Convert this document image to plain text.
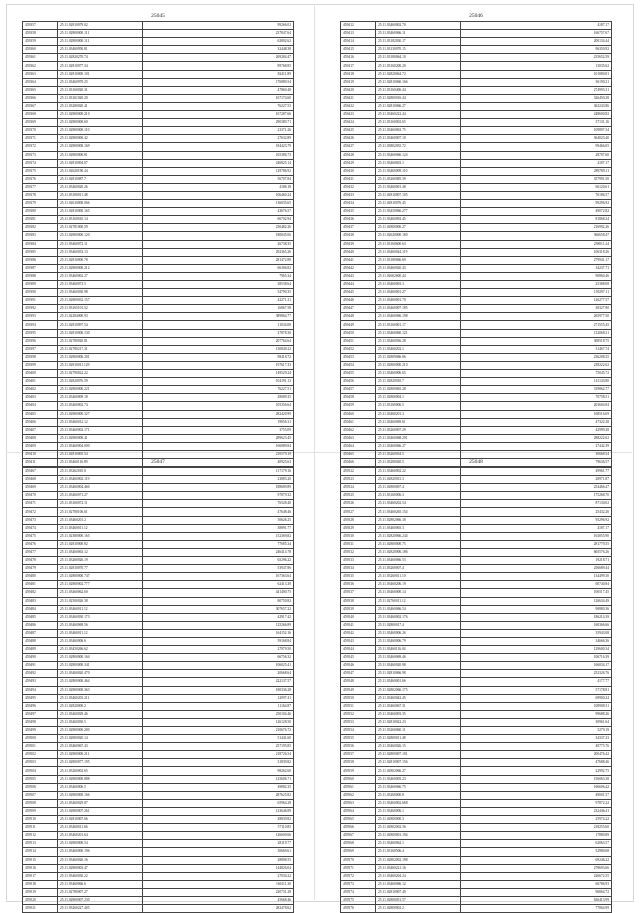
25045
459357	25.11.02810079.02	99266.02
459358	25.11.02800000.111	237847.64
459359	25.11.02800000.111	62802.62
459360	25.11.03460950.81	32448.38
459361	25.11.02820270.74	269284.47
459362	25.11.02810077.34	89768.85
459363	25.11.02810000.101	82411.89
459364	25.11.03460970.25	176880.54
459365	25.11.03160020.31	47860.40
459366	25.11.03161020.20	167174.60
459367	25.11.03280020.41	76227.53
459368	25.11.02800000.210	167287.66
459369	25.11.02800000.60	290380.71
459370	25.11.02800000.110	23371.26
459371	25.11.02800000.42	27632.89
459372	25.11.02800000.169	184423.79
459373	25.11.02800000.81	165386.73
459374	25.11.02810094.07	246825.14
459375	25.11.02620190.44	129786.92
459376	25.11.02810087.7	56707.84
459377	25.11.03460020.26	4186.18
459378	25.11.03180011.48	106460.24
459379	25.11.02610000.066	136035.65
459380	25.11.02810000.165	43676.57
459381	25.11.03160010.14	66702.94
459382	25.11.02781000.59	230482.26
459383	25.11.02800000.120	180845.06
459384	25.11.03460072.11	26738.35
459385	25.11.03460033.13	292365.26
459386	25.11.02810000.78	281472.88
459387	25.11.02800000.212	66306.82
459388	25.11.03460002.27	7965.34
459389	25.11.03460073.5	38538.64
459390	25.11.03460030.98	54790.35
459391	25.11.02800032.157	42271.21
459392	25.11.03165101.52	16867.58
459393	25.11.02284000.93	389864.77
459394	25.11.02810097.54	11034.08
459395	25.11.02810000.130	27878.30
459396	25.11.02780020.81	207764.64
459397	25.11.02780217.31	130849.22
459398	25.11.02800000.201	98418.72
459399	25.11.02810011.129	197617.33
459400	25.11.02790022.22	149529.24
459401	25.11.02820076.59	104191.13
459402	25.11.02800000.221	76227.51
459403	25.11.03460009.18	28089.35
459404	25.11.03460002.74	105356.64
459405	25.11.02800000.327	282420.99
459406	25.11.03460012.12	19056.31
459407	25.11.03460002.171	3755.09
459408	25.11.02800000.41	289623.45
459409	25.11.03460004.000	166989.84
459410	25.11.02810005.54	210579.19
459411	25.11.03460116.89	40925.63
25046
459412	25.11.03460002.70	4187.17
459413	25.11.03460066.11	166757.67
459414	25.11.03182030.17	200134.44
459415	25.11.03130070.15	96350.92
459416	25.11.03180064.10	235652.59
459417	25.11.03160200.20	13035.62
459418	25.11.02820064.72	101080.81
459419	25.11.02810066.166	36190.21
459420	25.11.03160406.44	274993.31
459421	25.11.02800016.44	326450.28
459422	25.11.02810066.27	363243.86
459423	25.11.03460222.44	248600.82
459424	25.11.03160002.65	37131.16
459425	25.11.03460063.75	109897.34
459426	25.11.03460007.10	364023.40
459427	25.11.03802035.72	99466.05
459428	25.11.03460066.124	28707.60
459429	25.11.03460603.1	4187.17
459430	25.11.03460009.110	289789.11
459431	25.11.03260085.39	357991.50
459432	25.11.03460001.48	66120.61
459433	25.11.02810007.105	76186.57
459434	25.11.02810076.45	99296.92
459435	25.11.03450066.277	49072.82
459436	25.11.03460092.45	81868.24
459437	25.11.02800000.27	216992.26
459438	25.11.02620000.180	366658.47
459439	25.11.03160600.63	258011.24
459440	25.11.03460044.119	106318.26
459441	25.11.03180066.69	279941.17
459442	25.11.03460020.43	34237.71
459443	25.11.02602600.44	90860.46
459444	25.11.03460003.3	25388.08
459445	25.11.03460001.27	159297.11
459446	25.11.03460001.70	126277.57
459447	25.11.03460007.185	30327.90
459448	25.11.03460066.198	265977.50
459449	25.11.03160001.17	271555.45
459450	25.11.03460060.121	132068.21
459451	25.11.03460036.28	308518.75
459452	25.11.03460202.1	31467.74
459453	25.11.02809066.86	236208.25
459454	25.11.02800000.210	238222.62
459455	25.11.03460006.65	75045.72
459456	25.11.02820010.7	141143.80
459457	25.11.02800065.28	319862.77
459458	25.11.02800004.1	70758.51
459459	25.11.03160006.5	203604.84
459460	25.11.03460201.3	168516.69
459461	25.11.03460069.61	47322.28
459462	25.11.03260007.29	42999.28
459463	25.11.03460068.201	288222.62
459464	25.11.03460066.27	27442.39
459465	25.11.03260034.5	30668.54
459466	25.11.03280020.5	79636.57
25047
459467	25.11.03262010.8	117179.16
459468	25.11.03460002.119	23885.20
459469	25.11.03460004.460	188689.89
459470	25.11.03460071.27	97879.32
459471	25.11.03160072.11	76528.40
459472	25.11.02780106.61	47648.46
459473	25.11.03460201.2	50626.25
459474	25.11.03460011.12	38891.77
459475	25.11.02380000.165	152369.82
459476	25.11.02810000.82	77685.34
459477	25.11.03460063.12	246414.78
459478	25.11.03260026.19	65296.22
459479	25.11.02810070.77	53947.86
459480	25.11.02800000.747	167363.64
459481	25.11.02800002.777	62413.30
459482	25.11.03460062.60	441400.75
459483	25.11.02500026.38	80750.82
459484	25.11.03460011.12	307657.22
459485	25.11.03460030.173	42917.42
459486	25.11.03460069.56	125266.89
459487	25.11.03460011.12	164152.16
459488	25.11.03460006.6	59168.84
459489	25.11.03450266.62	27979.50
459490	25.11.02800000.164	66756.32
459491	25.11.02800000.341	106025.41
459492	25.11.03460020.470	20668.64
459493	25.11.02800000.464	222137.57
459494	25.11.02800000.363	180336.28
459495	25.11.03460203.211	12097.41
459496	25.11.02820000.2	11164.87
459497	25.11.03460029.46	250104.46
459498	25.11.03460030.5	126128.50
459499	25.11.02800000.200	210676.72
459500	25.11.02800020.14	51441.60
459501	25.11.03460067.43	257195.85
459502	25.11.02800000.211	218726.54
459503	25.11.02800077.195	31839.82
459504	25.11.03260002.65	98262.60
459505	25.11.02800000.888	125606.71
459506	25.11.03460006.5	49882.35
459507	25.11.02800000.166	287625.82
459508	25.11.03460029.87	65964.28
459509	25.11.02800007.261	123646.89
459510	25.11.02810007.66	28839.82
459511	25.11.03460011.66	57110.85
459512	25.11.03460201.64	126600.66
459513	25.11.02800000.54	28119.77
459514	25.11.03460000.196	30669.61
459515	25.11.03460026.16	28808.55
459516	25.11.02800003.47	144826.04
459517	25.11.03460030.22	27030.22
459518	25.11.03460066.6	166111.30
459519	25.11.02780007.27	220731.28
459520	25.11.02800007.230	45668.46
459521	25.11.03260227.405	282478.62
25048
459522	25.11.03460002.22	49961.77
459523	25.11.02820015.3	28971.87
459524	25.11.02800007.4	254466.47
459525	25.11.03160006.3	175268.70
459526	25.11.03460202.54	87130.02
459527	25.11.03460265.154	25432.26
459528	25.11.02802066.18	95296.92
459529	25.11.03460065.3	4187.17
459530	25.11.02820066.244	163055.90
459531	25.11.02800000.75	281779.55
459532	25.11.02820006.186	665576.26
459533	25.11.03460066.53	19218.71
459534	25.11.03260007.4	256689.44
459535	25.11.03260011.10	134499.30
459536	25.11.03460206.19	60740.84
459537	25.11.03460000.14	106517.45
459538	25.11.02760011.12	126634.49
459539	25.11.03460066.54	90880.36
459540	25.11.03460002.176	186214.39
459541	25.11.02800017.4	160366.66
459542	25.11.03460006.26	35943.08
459543	25.11.03460006.79	34666.36
459544	25.11.03460116.04	129600.34
459545	25.11.03460069.46	106716.39
459546	25.11.03460020.98	166034.17
459547	25.11.02810066.98	252326.76
459548	25.11.03460001.66	4177.77
459549	25.11.02802066.175	57178.81
459550	25.11.03460042.45	69900.24
459551	25.11.03460067.31	108908.31
459552	25.11.03460003.35	99688.26
459553	25.11.02810022.23	30961.64
459554	25.11.03260060.11	5279.19
459555	25.11.02800011.48	34337.23
459556	25.11.03460026.15	49775.76
459557	25.11.02800007.101	200476.42
459558	25.11.02810007.156	47688.46
459559	25.11.02802066.27	22992.75
459560	25.11.03460005.23	156063.38
459561	25.11.03460066.75	166606.42
459562	25.11.03260000.8	49001.57
459563	25.11.03460002.668	97872.22
459564	25.11.03460006.1	232446.41
459565	25.11.02800000.3	25974.22
459566	25.11.02802002.36	218255.60
459567	25.11.02800001.194	17880.89
459568	25.11.03460062.1	62063.57
459569	25.11.03160506.4	52980.68
459570	25.11.02802002.198	69246.22
459571	25.11.03460221.16	278693.66
459572	25.11.03460204.24	226672.55
459573	25.11.03460066.12	66786.93
459574	25.11.02810007.40	96864.72
459575	25.11.02800051.57	636413.99
459576	25.11.02800002.2	77864.99
